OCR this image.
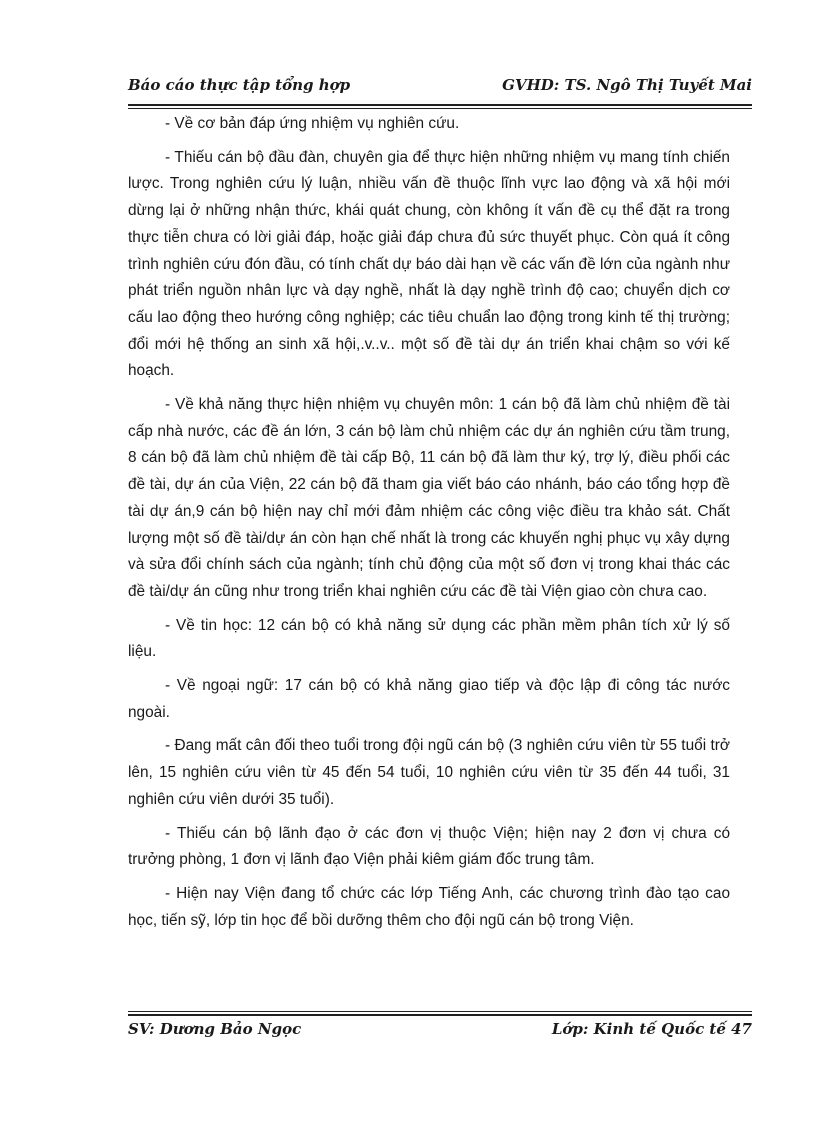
Báo cáo thực tập tổng hợp	GVHD: TS. Ngô Thị Tuyết Mai

- Về cơ bản đáp ứng nhiệm vụ nghiên cứu.

- Thiếu cán bộ đầu đàn, chuyên gia để thực hiện những nhiệm vụ mang tính chiến lược. Trong nghiên cứu lý luận, nhiều vấn đề thuộc lĩnh vực lao động và xã hội mới dừng lại ở những nhận thức, khái quát chung, còn không ít vấn đề cụ thể đặt ra trong thực tiễn chưa có lời giải đáp, hoặc giải đáp chưa đủ sức thuyết phục. Còn quá ít công trình nghiên cứu đón đầu, có tính chất dự báo dài hạn về các vấn đề lớn của ngành như phát triển nguồn nhân lực và dạy nghề, nhất là dạy nghề trình độ cao; chuyển dịch cơ cấu lao động theo hướng công nghiệp; các tiêu chuẩn lao động trong kinh tế thị trường; đổi mới hệ thống an sinh xã hội,.v..v.. một số đề tài dự án triển khai chậm so với kế hoạch.

- Về khả năng thực hiện nhiệm vụ chuyên môn: 1 cán bộ đã làm chủ nhiệm đề tài cấp nhà nước, các đề án lớn, 3 cán bộ làm chủ nhiệm các dự án nghiên cứu tầm trung, 8 cán bộ đã làm chủ nhiệm đề tài cấp Bộ, 11 cán bộ đã làm thư ký, trợ lý, điều phối các đề tài, dự án của Viện, 22 cán bộ đã tham gia viết báo cáo nhánh, báo cáo tổng hợp đề tài dự án,9 cán bộ hiện nay chỉ mới đảm nhiệm các công việc điều tra khảo sát. Chất lượng một số đề tài/dự án còn hạn chế nhất là trong các khuyến nghị phục vụ xây dựng và sửa đổi chính sách của ngành; tính chủ động của một số đơn vị trong khai thác các đề tài/dự án cũng như trong triển khai nghiên cứu các đề tài Viện giao còn chưa cao.

- Về tin học: 12 cán bộ có khả năng sử dụng các phần mềm phân tích xử lý số liệu.

- Về ngoại ngữ: 17 cán bộ có khả năng giao tiếp và độc lập đi công tác nước ngoài.

- Đang mất cân đối theo tuổi trong đội ngũ cán bộ (3 nghiên cứu viên từ 55 tuổi trở lên, 15 nghiên cứu viên từ 45 đến 54 tuổi, 10 nghiên cứu viên từ 35 đến 44 tuổi, 31 nghiên cứu viên dưới 35 tuổi).

- Thiếu cán bộ lãnh đạo ở các đơn vị thuộc Viện; hiện nay 2 đơn vị chưa có trưởng phòng, 1 đơn vị lãnh đạo Viện phải kiêm giám đốc trung tâm.

- Hiện nay Viện đang tổ chức các lớp Tiếng Anh, các chương trình đào tạo cao học, tiến sỹ, lớp tin học để bồi dưỡng thêm cho đội ngũ cán bộ trong Viện.

SV: Dương Bảo Ngọc	Lớp: Kinh tế Quốc tế 47
